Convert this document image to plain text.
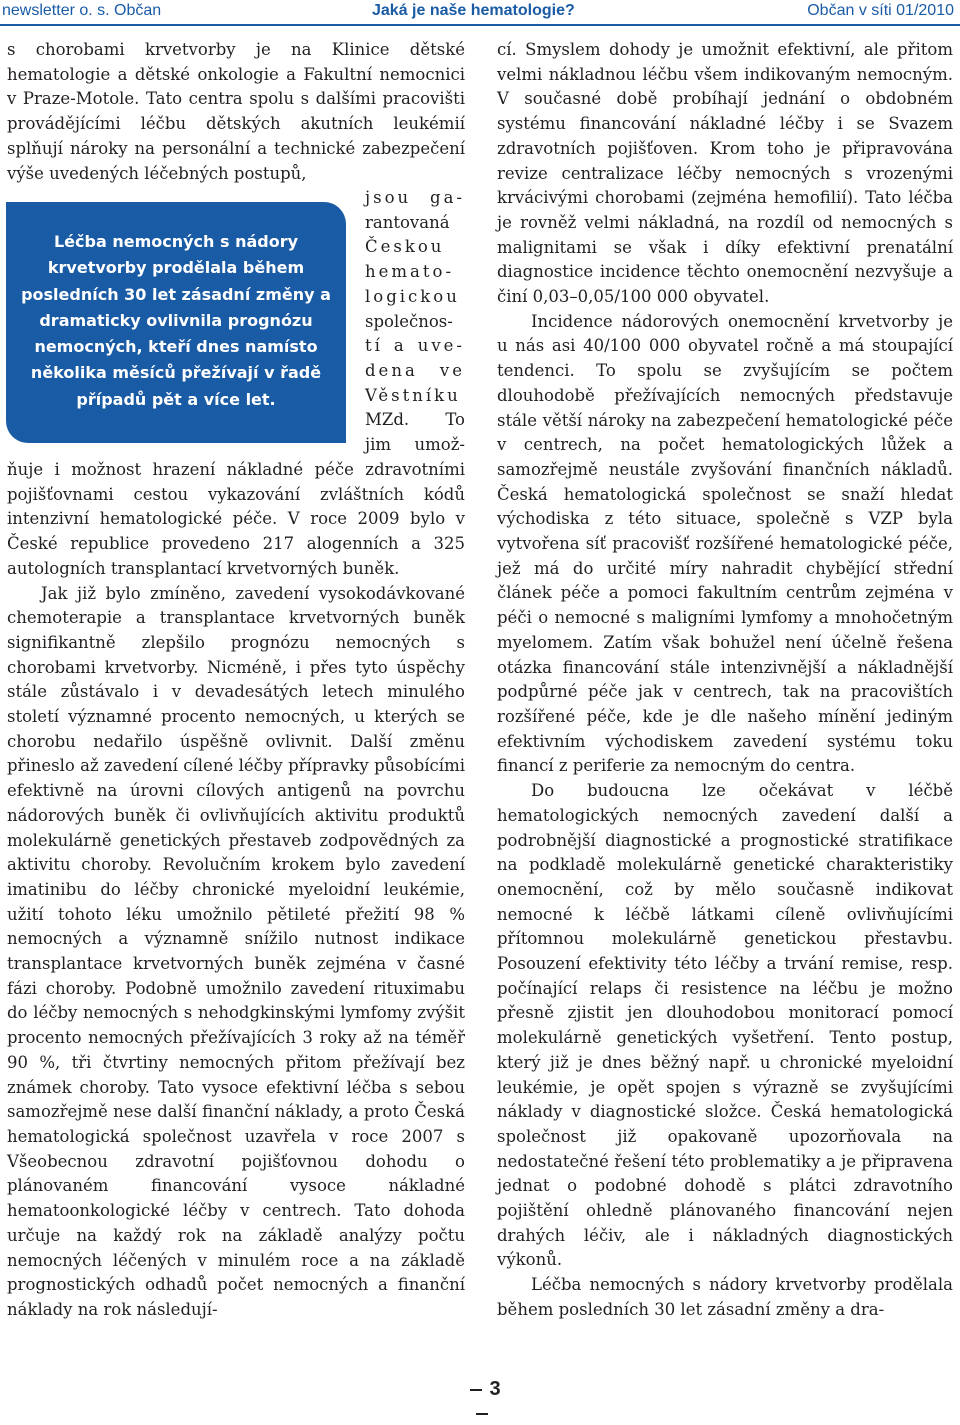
newsletter o. s. Občan	Jaká je naše hematologie?	Občan v síti 01/2010

s chorobami krvetvorby je na Klinice dětské hematologie a dětské onkologie a Fakultní nemocnici v Praze-Motole. Tato centra spolu s dalšími pracovišti provádějícími léčbu dětských akutních leukémií splňují nároky na personální a technické zabezpečení výše uvedených léčebných postupů,

Léčba nemocných s nádory krvetvorby prodělala během posledních 30 let zásadní změny a dramaticky ovlivnila prognózu nemocných, kteří dnes namísto několika měsíců přežívají v řadě případů pět a více let.

jsou ga-
rantovaná
Českou
hemato-
logickou
společnos-
tí a uve-
dena ve
Věstníku
MZd. To
jim umož-

ňuje i možnost hrazení nákladné péče zdravotními pojišťovnami cestou vykazování zvláštních kódů intenzivní hematologické péče. V roce 2009 bylo v České republice provedeno 217 alogenních a 325 autologních transplantací krvetvorných buněk.

Jak již bylo zmíněno, zavedení vysokodávkované chemoterapie a transplantace krvetvorných buněk signifikantně zlepšilo prognózu nemocných s chorobami krvetvorby. Nicméně, i přes tyto úspěchy stále zůstávalo i v devadesátých letech minulého století významné procento nemocných, u kterých se chorobu nedařilo úspěšně ovlivnit. Další změnu přineslo až zavedení cílené léčby přípravky působícími efektivně na úrovni cílových antigenů na povrchu nádorových buněk či ovlivňujících aktivitu produktů molekulárně genetických přestaveb zodpovědných za aktivitu choroby. Revolučním krokem bylo zavedení imatinibu do léčby chronické myeloidní leukémie, užití tohoto léku umožnilo pětileté přežití 98 % nemocných a významně snížilo nutnost indikace transplantace krvetvorných buněk zejména v časné fázi choroby. Podobně umožnilo zavedení rituximabu do léčby nemocných s nehodgkinskými lymfomy zvýšit procento nemocných přežívajících 3 roky až na téměř 90 %, tři čtvrtiny nemocných přitom přežívají bez známek choroby. Tato vysoce efektivní léčba s sebou samozřejmě nese další finanční náklady, a proto Česká hematologická společnost uzavřela v roce 2007 s Všeobecnou zdravotní pojišťovnou dohodu o plánovaném financování vysoce nákladné hematoonkologické léčby v centrech. Tato dohoda určuje na každý rok na základě analýzy počtu nemocných léčených v minulém roce a na základě prognostických odhadů počet nemocných a finanční náklady na rok následují-

cí. Smyslem dohody je umožnit efektivní, ale přitom velmi nákladnou léčbu všem indikovaným nemocným. V současné době probíhají jednání o obdobném systému financování nákladné léčby i se Svazem zdravotních pojišťoven. Krom toho je připravována revize centralizace léčby nemocných s vrozenými krvácivými chorobami (zejména hemofilií). Tato léčba je rovněž velmi nákladná, na rozdíl od nemocných s malignitami se však i díky efektivní prenatální diagnostice incidence těchto onemocnění nezvyšuje a činí 0,03–0,05/100 000 obyvatel.

Incidence nádorových onemocnění krvetvorby je u nás asi 40/100 000 obyvatel ročně a má stoupající tendenci. To spolu se zvyšujícím se počtem dlouhodobě přežívajících nemocných představuje stále větší nároky na zabezpečení hematologické péče v centrech, na počet hematologických lůžek a samozřejmě neustále zvyšování finančních nákladů. Česká hematologická společnost se snaží hledat východiska z této situace, společně s VZP byla vytvořena síť pracovišť rozšířené hematologické péče, jež má do určité míry nahradit chybějící střední článek péče a pomoci fakultním centrům zejména v péči o nemocné s maligními lymfomy a mnohočetným myelomem. Zatím však bohužel není účelně řešena otázka financování stále intenzivnější a nákladnější podpůrné péče jak v centrech, tak na pracovištích rozšířené péče, kde je dle našeho mínění jediným efektivním východiskem zavedení systému toku financí z periferie za nemocným do centra.

Do budoucna lze očekávat v léčbě hematologických nemocných zavedení další a podrobnější diagnostické a prognostické stratifikace na podkladě molekulárně genetické charakteristiky onemocnění, což by mělo současně indikovat nemocné k léčbě látkami cíleně ovlivňujícími přítomnou molekulárně genetickou přestavbu. Posouzení efektivity této léčby a trvání remise, resp. počínající relaps či resistence na léčbu je možno přesně zjistit jen dlouhodobou monitorací pomocí molekulárně genetických vyšetření. Tento postup, který již je dnes běžný např. u chronické myeloidní leukémie, je opět spojen s výrazně se zvyšujícími náklady v diagnostické složce. Česká hematologická společnost již opakovaně upozorňovala na nedostatečné řešení této problematiky a je připravena jednat o podobné dohodě s plátci zdravotního pojištění ohledně plánovaného financování nejen drahých léčiv, ale i nákladných diagnostických výkonů.

Léčba nemocných s nádory krvetvorby prodělala během posledních 30 let zásadní změny a dra-

3
